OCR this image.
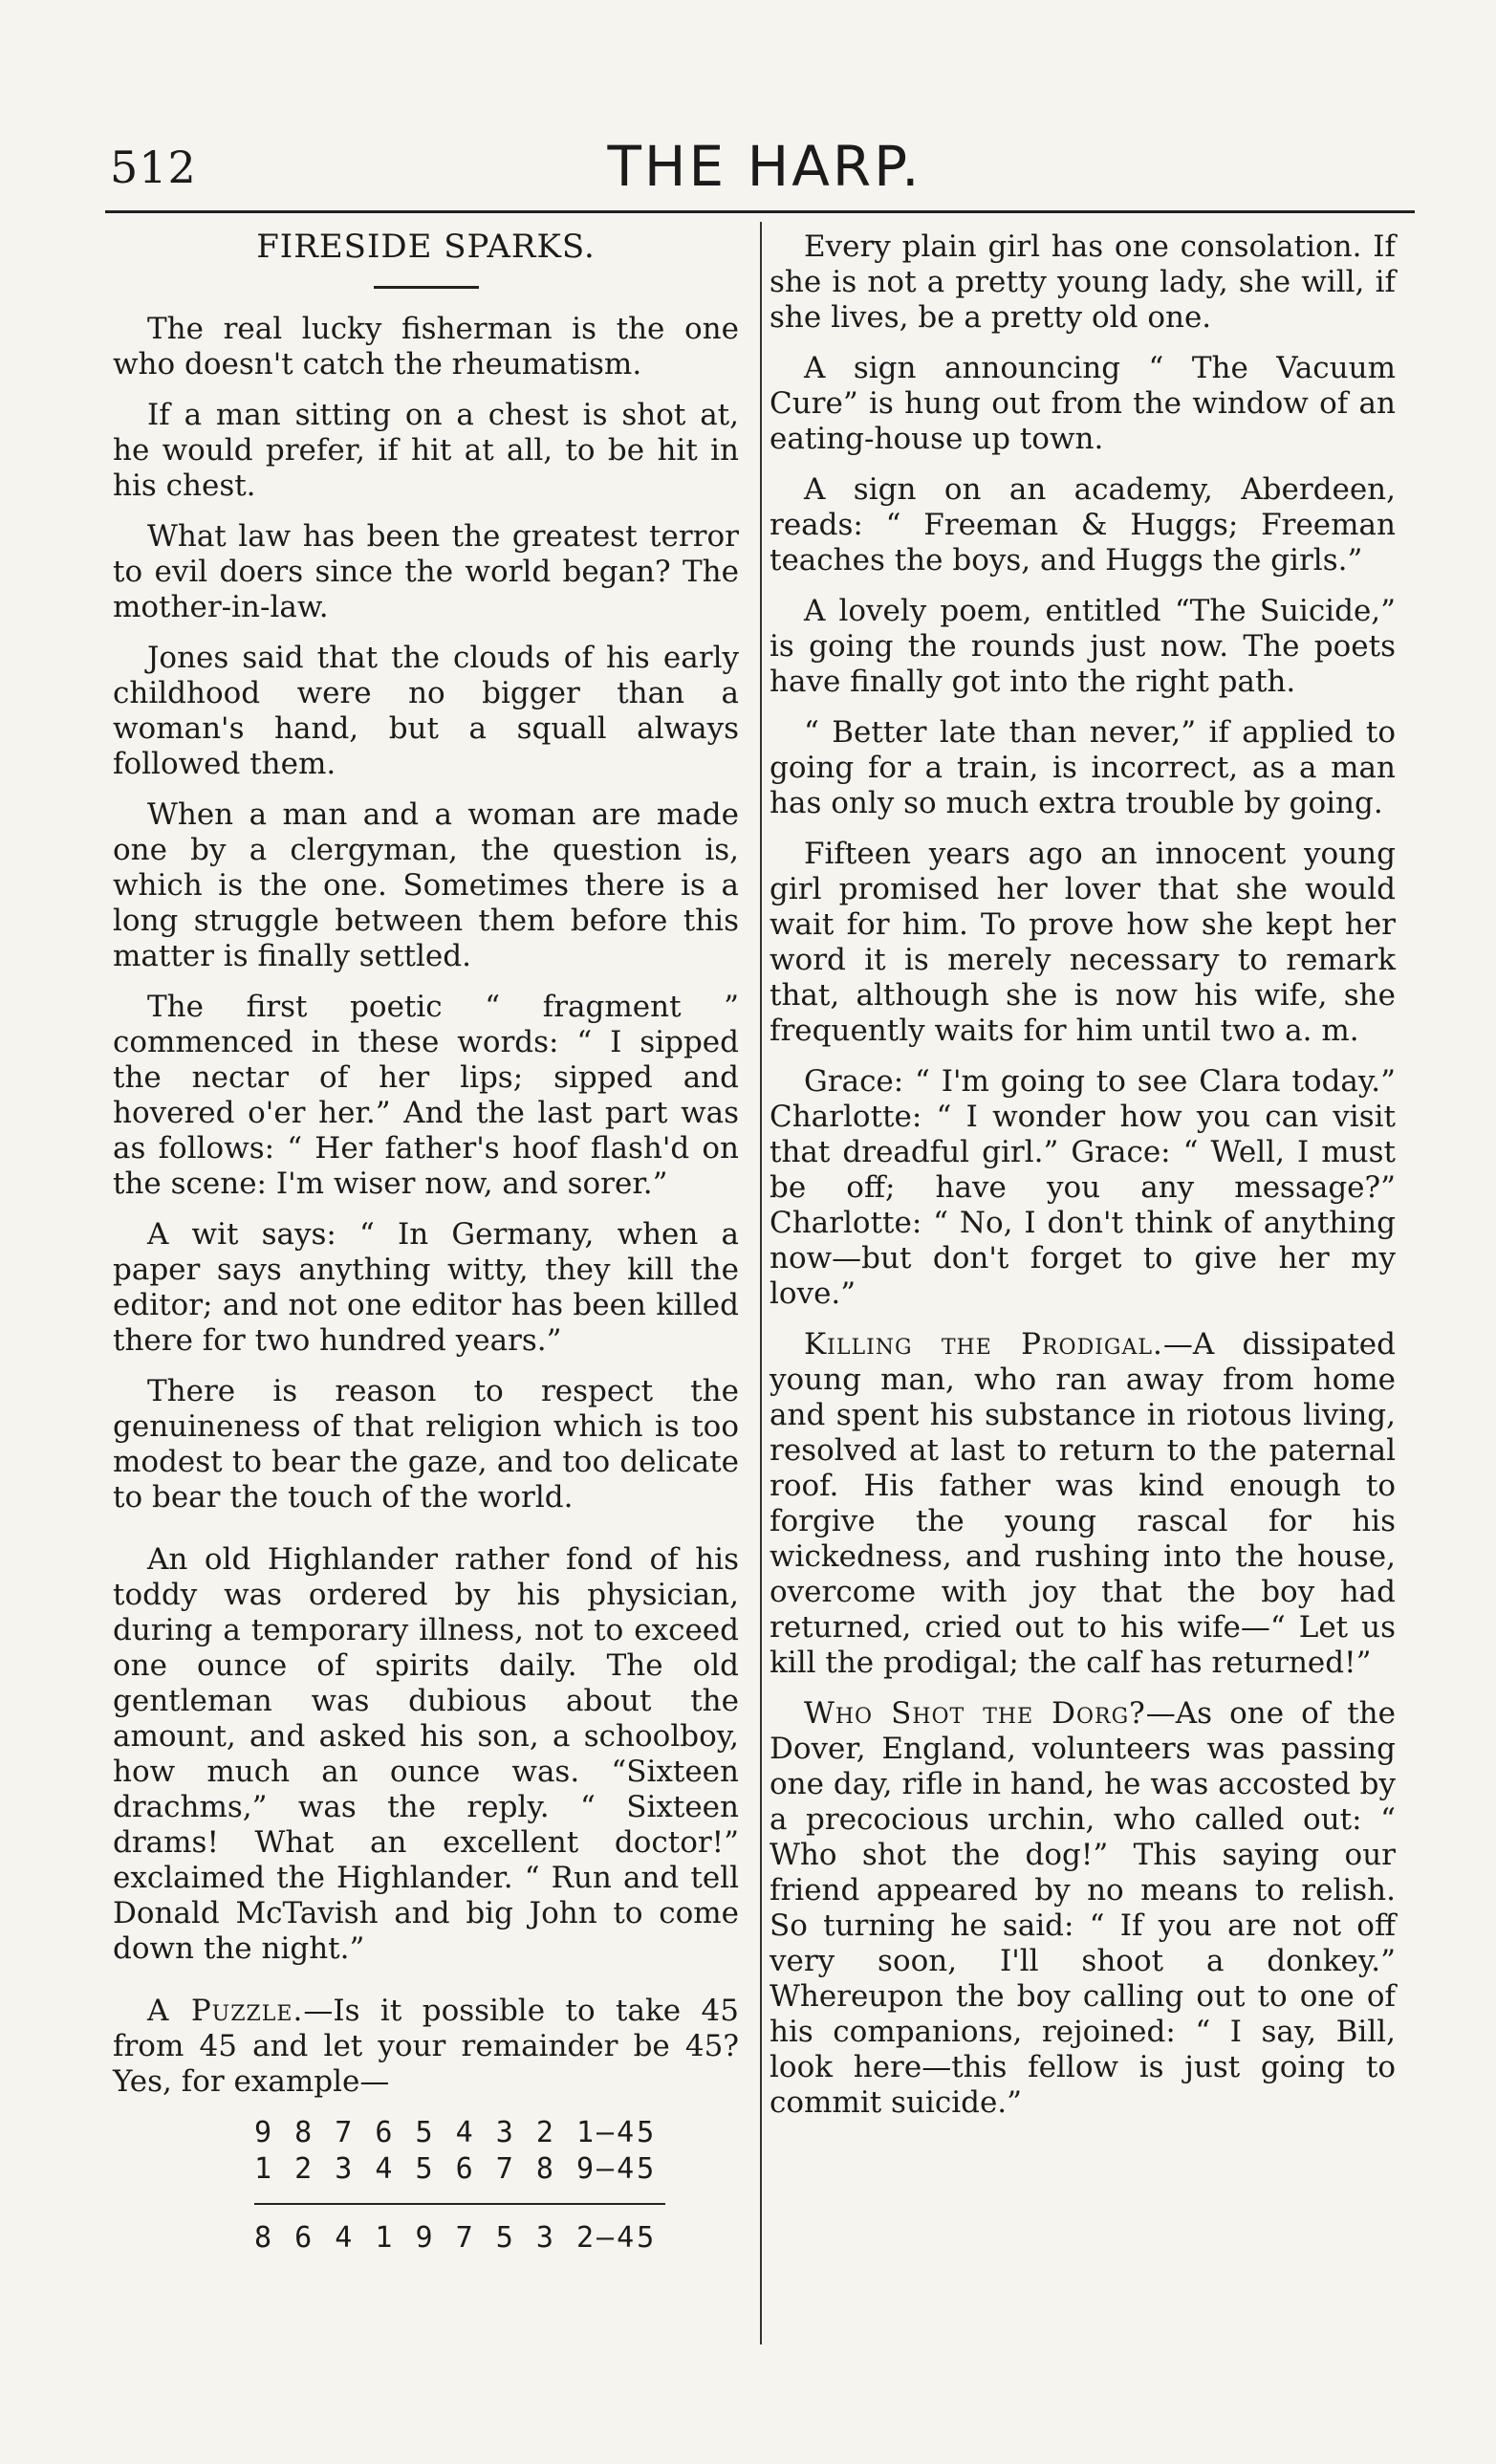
512	THE HARP.
FIRESIDE SPARKS.

The real lucky fisherman is the one who doesn't catch the rheumatism.

If a man sitting on a chest is shot at, he would prefer, if hit at all, to be hit in his chest.

What law has been the greatest terror to evil doers since the world began? The mother-in-law.

Jones said that the clouds of his early childhood were no bigger than a woman's hand, but a squall always followed them.

When a man and a woman are made one by a clergyman, the question is, which is the one. Sometimes there is a long struggle between them before this matter is finally settled.

The first poetic “ fragment ” commenced in these words: “ I sipped the nectar of her lips; sipped and hovered o'er her.” And the last part was as follows: “ Her father's hoof flash'd on the scene: I'm wiser now, and sorer.”

A wit says: “ In Germany, when a paper says anything witty, they kill the editor; and not one editor has been killed there for two hundred years.”

There is reason to respect the genuineness of that religion which is too modest to bear the gaze, and too delicate to bear the touch of the world.

An old Highlander rather fond of his toddy was ordered by his physician, during a temporary illness, not to exceed one ounce of spirits daily. The old gentleman was dubious about the amount, and asked his son, a schoolboy, how much an ounce was. “Sixteen drachms,” was the reply. “ Sixteen drams! What an excellent doctor!” exclaimed the Highlander. “ Run and tell Donald McTavish and big John to come down the night.”

A Puzzle.—Is it possible to take 45 from 45 and let your remainder be 45? Yes, for example—

9 8 7 6 5 4 3 2 1—45
1 2 3 4 5 6 7 8 9—45
8 6 4 1 9 7 5 3 2—45

Every plain girl has one consolation. If she is not a pretty young lady, she will, if she lives, be a pretty old one.

A sign announcing “ The Vacuum Cure” is hung out from the window of an eating-house up town.

A sign on an academy, Aberdeen, reads: “ Freeman & Huggs; Freeman teaches the boys, and Huggs the girls.”

A lovely poem, entitled “The Suicide,” is going the rounds just now. The poets have finally got into the right path.

“ Better late than never,” if applied to going for a train, is incorrect, as a man has only so much extra trouble by going.

Fifteen years ago an innocent young girl promised her lover that she would wait for him. To prove how she kept her word it is merely necessary to remark that, although she is now his wife, she frequently waits for him until two a. m.

Grace: “ I'm going to see Clara today.” Charlotte: “ I wonder how you can visit that dreadful girl.” Grace: “ Well, I must be off; have you any message?” Charlotte: “ No, I don't think of anything now—but don't forget to give her my love.”

Killing the Prodigal.—A dissipated young man, who ran away from home and spent his substance in riotous living, resolved at last to return to the paternal roof. His father was kind enough to forgive the young rascal for his wickedness, and rushing into the house, overcome with joy that the boy had returned, cried out to his wife—“ Let us kill the prodigal; the calf has returned!”

Who Shot the Dorg?—As one of the Dover, England, volunteers was passing one day, rifle in hand, he was accosted by a precocious urchin, who called out: “ Who shot the dog!” This saying our friend appeared by no means to relish. So turning he said: “ If you are not off very soon, I'll shoot a donkey.” Whereupon the boy calling out to one of his companions, rejoined: “ I say, Bill, look here—this fellow is just going to commit suicide.”
